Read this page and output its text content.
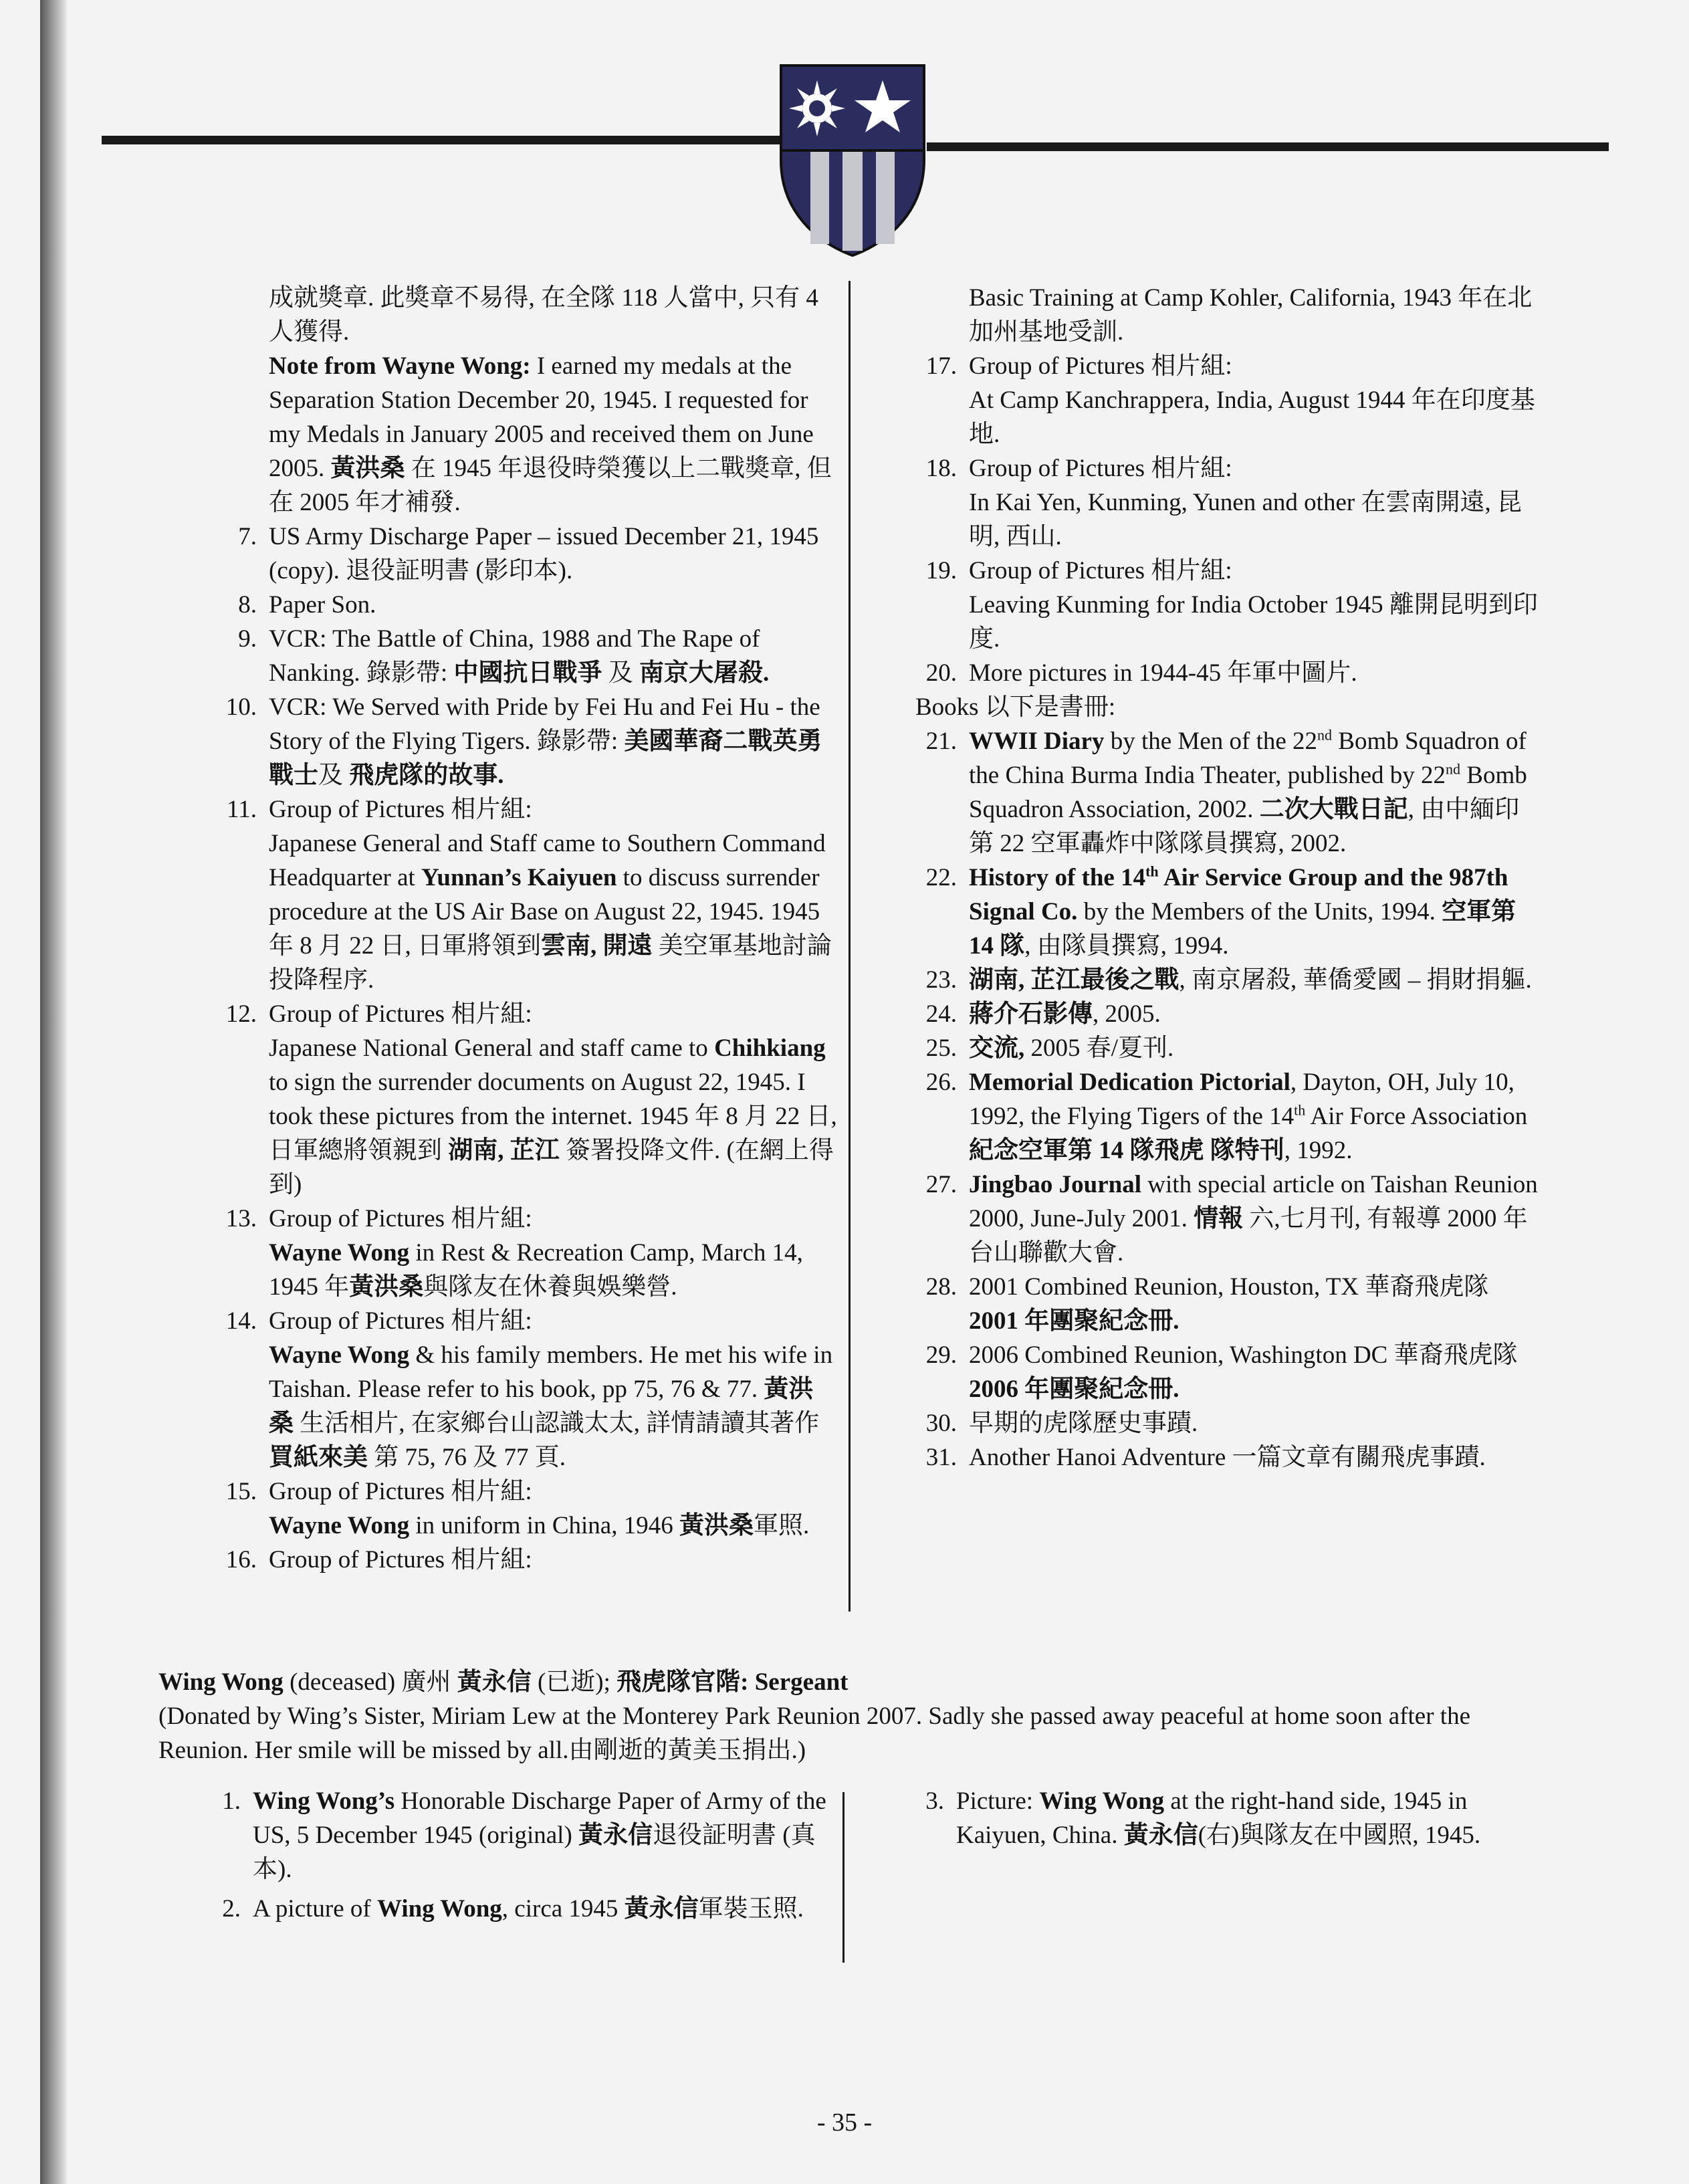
成就獎章. 此獎章不易得, 在全隊 118 人當中, 只有 4 人獲得.
Note from Wayne Wong: I earned my medals at the Separation Station December 20, 1945. I requested for my Medals in January 2005 and received them on June 2005. 黃洪桑 在 1945 年退役時榮獲以上二戰獎章, 但在 2005 年才補發.
7. US Army Discharge Paper – issued December 21, 1945 (copy). 退役証明書 (影印本).
8. Paper Son.
9. VCR: The Battle of China, 1988 and The Rape of Nanking. 錄影帶: 中國抗日戰爭 及 南京大屠殺.
10. VCR: We Served with Pride by Fei Hu and Fei Hu - the Story of the Flying Tigers. 錄影帶: 美國華裔二戰英勇戰士及 飛虎隊的故事.
11. Group of Pictures 相片組:
Japanese General and Staff came to Southern Command Headquarter at Yunnan’s Kaiyuen to discuss surrender procedure at the US Air Base on August 22, 1945. 1945 年 8 月 22 日, 日軍將領到雲南, 開遠 美空軍基地討論投降程序.
12. Group of Pictures 相片組:
Japanese National General and staff came to Chihkiang to sign the surrender documents on August 22, 1945. I took these pictures from the internet. 1945 年 8 月 22 日, 日軍總將領親到 湖南, 芷江 簽署投降文件. (在網上得到)
13. Group of Pictures 相片組:
Wayne Wong in Rest & Recreation Camp, March 14, 1945 年黃洪桑與隊友在休養與娛樂營.
14. Group of Pictures 相片組:
Wayne Wong & his family members. He met his wife in Taishan. Please refer to his book, pp 75, 76 & 77. 黃洪桑 生活相片, 在家鄉台山認識太太, 詳情請讀其著作 買紙來美 第 75, 76 及 77 頁.
15. Group of Pictures 相片組:
Wayne Wong in uniform in China, 1946 黃洪桑軍照.
16. Group of Pictures 相片組:
Basic Training at Camp Kohler, California, 1943 年在北加州基地受訓.
17. Group of Pictures 相片組:
At Camp Kanchrappera, India, August 1944 年在印度基地.
18. Group of Pictures 相片組:
In Kai Yen, Kunming, Yunen and other 在雲南開遠, 昆明, 西山.
19. Group of Pictures 相片組:
Leaving Kunming for India October 1945 離開昆明到印度.
20. More pictures in 1944-45 年軍中圖片.
Books 以下是書冊:
21. WWII Diary by the Men of the 22nd Bomb Squadron of the China Burma India Theater, published by 22nd Bomb Squadron Association, 2002. 二次大戰日記, 由中緬印第 22 空軍轟炸中隊隊員撰寫, 2002.
22. History of the 14th Air Service Group and the 987th Signal Co. by the Members of the Units, 1994. 空軍第 14 隊, 由隊員撰寫, 1994.
23. 湖南, 芷江最後之戰, 南京屠殺, 華僑愛國 – 捐財捐軀.
24. 蔣介石影傳, 2005.
25. 交流, 2005 春/夏刊.
26. Memorial Dedication Pictorial, Dayton, OH, July 10, 1992, the Flying Tigers of the 14th Air Force Association 紀念空軍第 14 隊飛虎 隊特刊, 1992.
27. Jingbao Journal with special article on Taishan Reunion 2000, June-July 2001. 情報 六,七月刊, 有報導 2000 年台山聯歡大會.
28. 2001 Combined Reunion, Houston, TX 華裔飛虎隊 2001 年團聚紀念冊.
29. 2006 Combined Reunion, Washington DC 華裔飛虎隊 2006 年團聚紀念冊.
30. 早期的虎隊歷史事蹟.
31. Another Hanoi Adventure 一篇文章有關飛虎事蹟.
Wing Wong (deceased) 廣州 黃永信 (已逝); 飛虎隊官階: Sergeant
(Donated by Wing’s Sister, Miriam Lew at the Monterey Park Reunion 2007. Sadly she passed away peaceful at home soon after the Reunion. Her smile will be missed by all.由剛逝的黃美玉捐出.)
1. Wing Wong’s Honorable Discharge Paper of Army of the US, 5 December 1945 (original) 黃永信退役証明書 (真本).
2. A picture of Wing Wong, circa 1945 黃永信軍裝玉照.
3. Picture: Wing Wong at the right-hand side, 1945 in Kaiyuen, China. 黃永信(右)與隊友在中國照, 1945.
- 35 -
